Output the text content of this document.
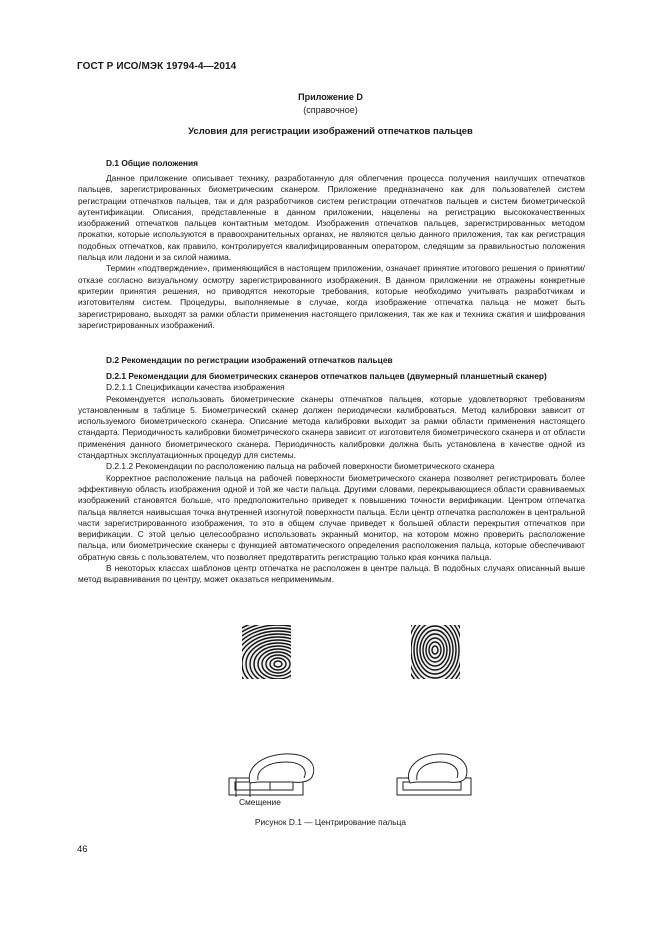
ГОСТ Р ИСО/МЭК 19794-4—2014
Приложение D
(справочное)
Условия для регистрации изображений отпечатков пальцев
D.1 Общие положения

Данное приложение описывает технику, разработанную для облегчения процесса получения наилучших отпечатков пальцев, зарегистрированных биометрическим сканером. Приложение предназначено как для пользователей систем регистрации отпечатков пальцев, так и для разработчиков систем регистрации отпечатков пальцев и систем биометрической аутентификации. Описания, представленные в данном приложении, нацелены на регистрацию высококачественных изображений отпечатков пальцев контактным методом. Изображения отпечатков пальцев, зарегистрированных методом прокатки, которые используются в правоохранительных органах, не являются целью данного приложения, так как регистрация подобных отпечатков, как правило, контролируется квалифицированным оператором, следящим за правильностью положения пальца или ладони и за силой нажима.

Термин «подтверждение», применяющийся в настоящем приложении, означает принятие итогового решения о принятии/отказе согласно визуальному осмотру зарегистрированного изображения. В данном приложении не отражены конкретные критерии принятия решения, но приводятся некоторые требования, которые необходимо учитывать разработчикам и изготовителям систем. Процедуры, выполняемые в случае, когда изображение отпечатка пальца не может быть зарегистрировано, выходят за рамки области применения настоящего приложения, так же как и техника сжатия и шифрования зарегистрированных изображений.

D.2 Рекомендации по регистрации изображений отпечатков пальцев

D.2.1 Рекомендации для биометрических сканеров отпечатков пальцев (двумерный планшетный сканер)

D.2.1.1 Спецификации качества изображения

Рекомендуется использовать биометрические сканеры отпечатков пальцев, которые удовлетворяют требованиям установленным в таблице 5. Биометрический сканер должен периодически калиброваться. Метод калибровки зависит от используемого биометрического сканера. Описание метода калибровки выходит за рамки области применения настоящего стандарта. Периодичность калибровки биометрического сканера зависит от изготовителя биометрического сканера и от области применения данного биометрического сканера. Периодичность калибровки должна быть установлена в качестве одной из стандартных эксплуатационных процедур для системы.

D.2.1.2 Рекомендации по расположению пальца на рабочей поверхности биометрического сканера

Корректное расположение пальца на рабочей поверхности биометрического сканера позволяет регистрировать более эффективную область изображения одной и той же части пальца. Другими словами, перекрывающиеся области сравниваемых изображений становятся больше, что предположительно приведет к повышению точности верификации. Центром отпечатка пальца является наивысшая точка внутренней изогнутой поверхности пальца. Если центр отпечатка расположен в центральной части зарегистрированного изображения, то это в общем случае приведет к большей области перекрытия отпечатков при верификации. С этой целью целесообразно использовать экранный монитор, на котором можно проверить расположение пальца, или биометрические сканеры с функцией автоматического определения расположения пальца, которые обеспечивают обратную связь с пользователем, что позволяет предотвратить регистрацию только края кончика пальца.

В некоторых классах шаблонов центр отпечатка не расположен в центре пальца. В подобных случаях описанный выше метод выравнивания по центру, может оказаться неприменимым.

Смещение
Рисунок D.1 — Центрирование пальца
46
